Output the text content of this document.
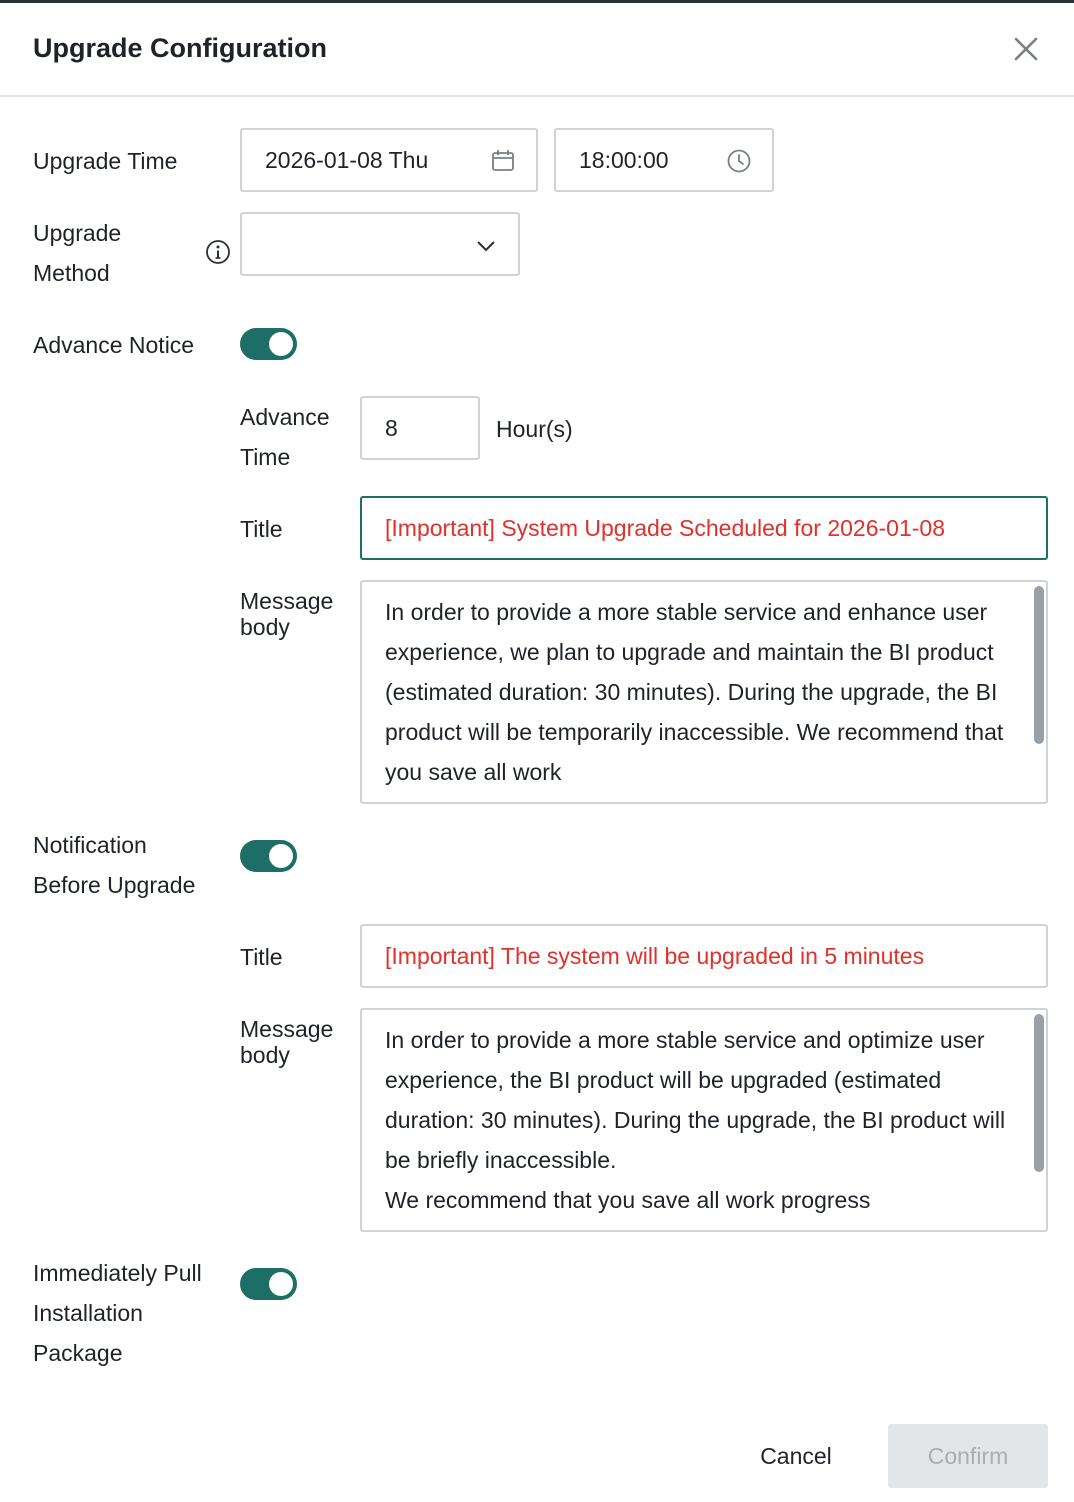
Upgrade Configuration
Upgrade Time	2026-01-08 Thu	18:00:00
Upgrade
Method
Advance Notice
Advance
Time
8	Hour(s)
Title	[Important] System Upgrade Scheduled for 2026-01-08
Message
body
In order to provide a more stable service and enhance user experience, we plan to upgrade and maintain the BI product (estimated duration: 30 minutes). During the upgrade, the BI product will be temporarily inaccessible. We recommend that you save all work
Notification
Before Upgrade
Title	[Important] The system will be upgraded in 5 minutes
Message
body
In order to provide a more stable service and optimize user experience, the BI product will be upgraded (estimated duration: 30 minutes). During the upgrade, the BI product will be briefly inaccessible.
We recommend that you save all work progress
Immediately Pull
Installation
Package
Cancel	Confirm
